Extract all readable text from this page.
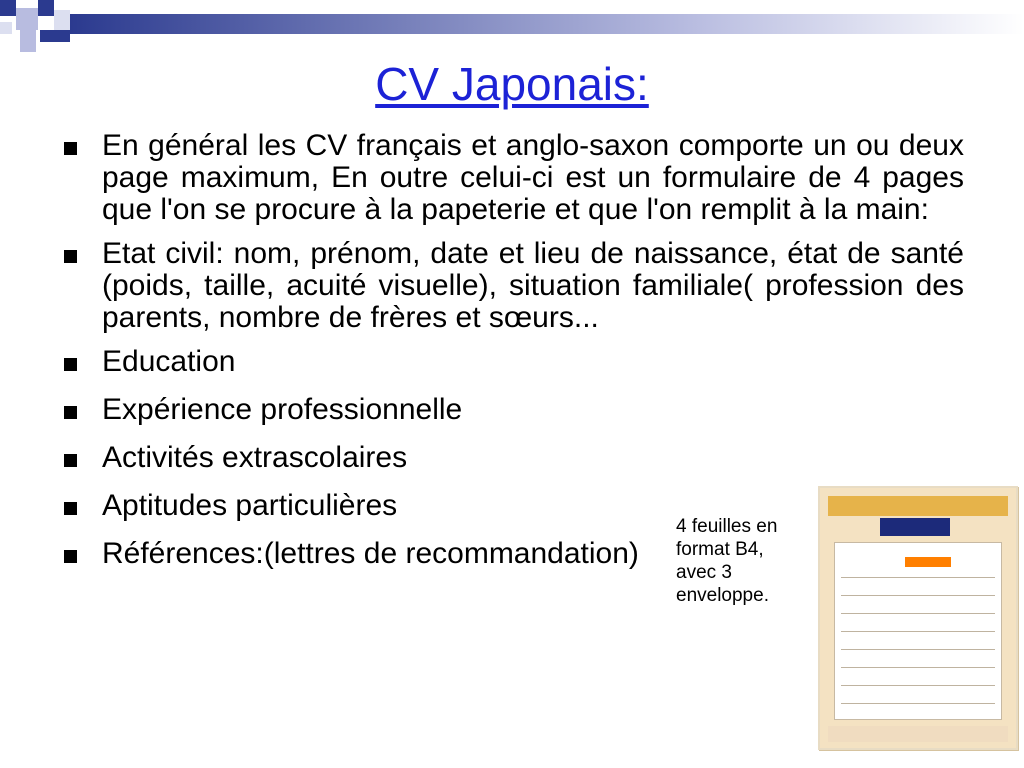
CV Japonais:
En général les CV français et anglo-saxon comporte un ou deux page maximum, En outre celui-ci est un formulaire de 4 pages que l'on se procure à la papeterie et que l'on remplit à la main:
Etat civil: nom, prénom, date et lieu de naissance, état de santé (poids, taille, acuité visuelle), situation familiale( profession des parents, nombre de frères et sœurs...
Education
Expérience professionnelle
Activités extrascolaires
Aptitudes particulières
Références:(lettres de recommandation)
4 feuilles en
format B4,
avec 3
enveloppe.
